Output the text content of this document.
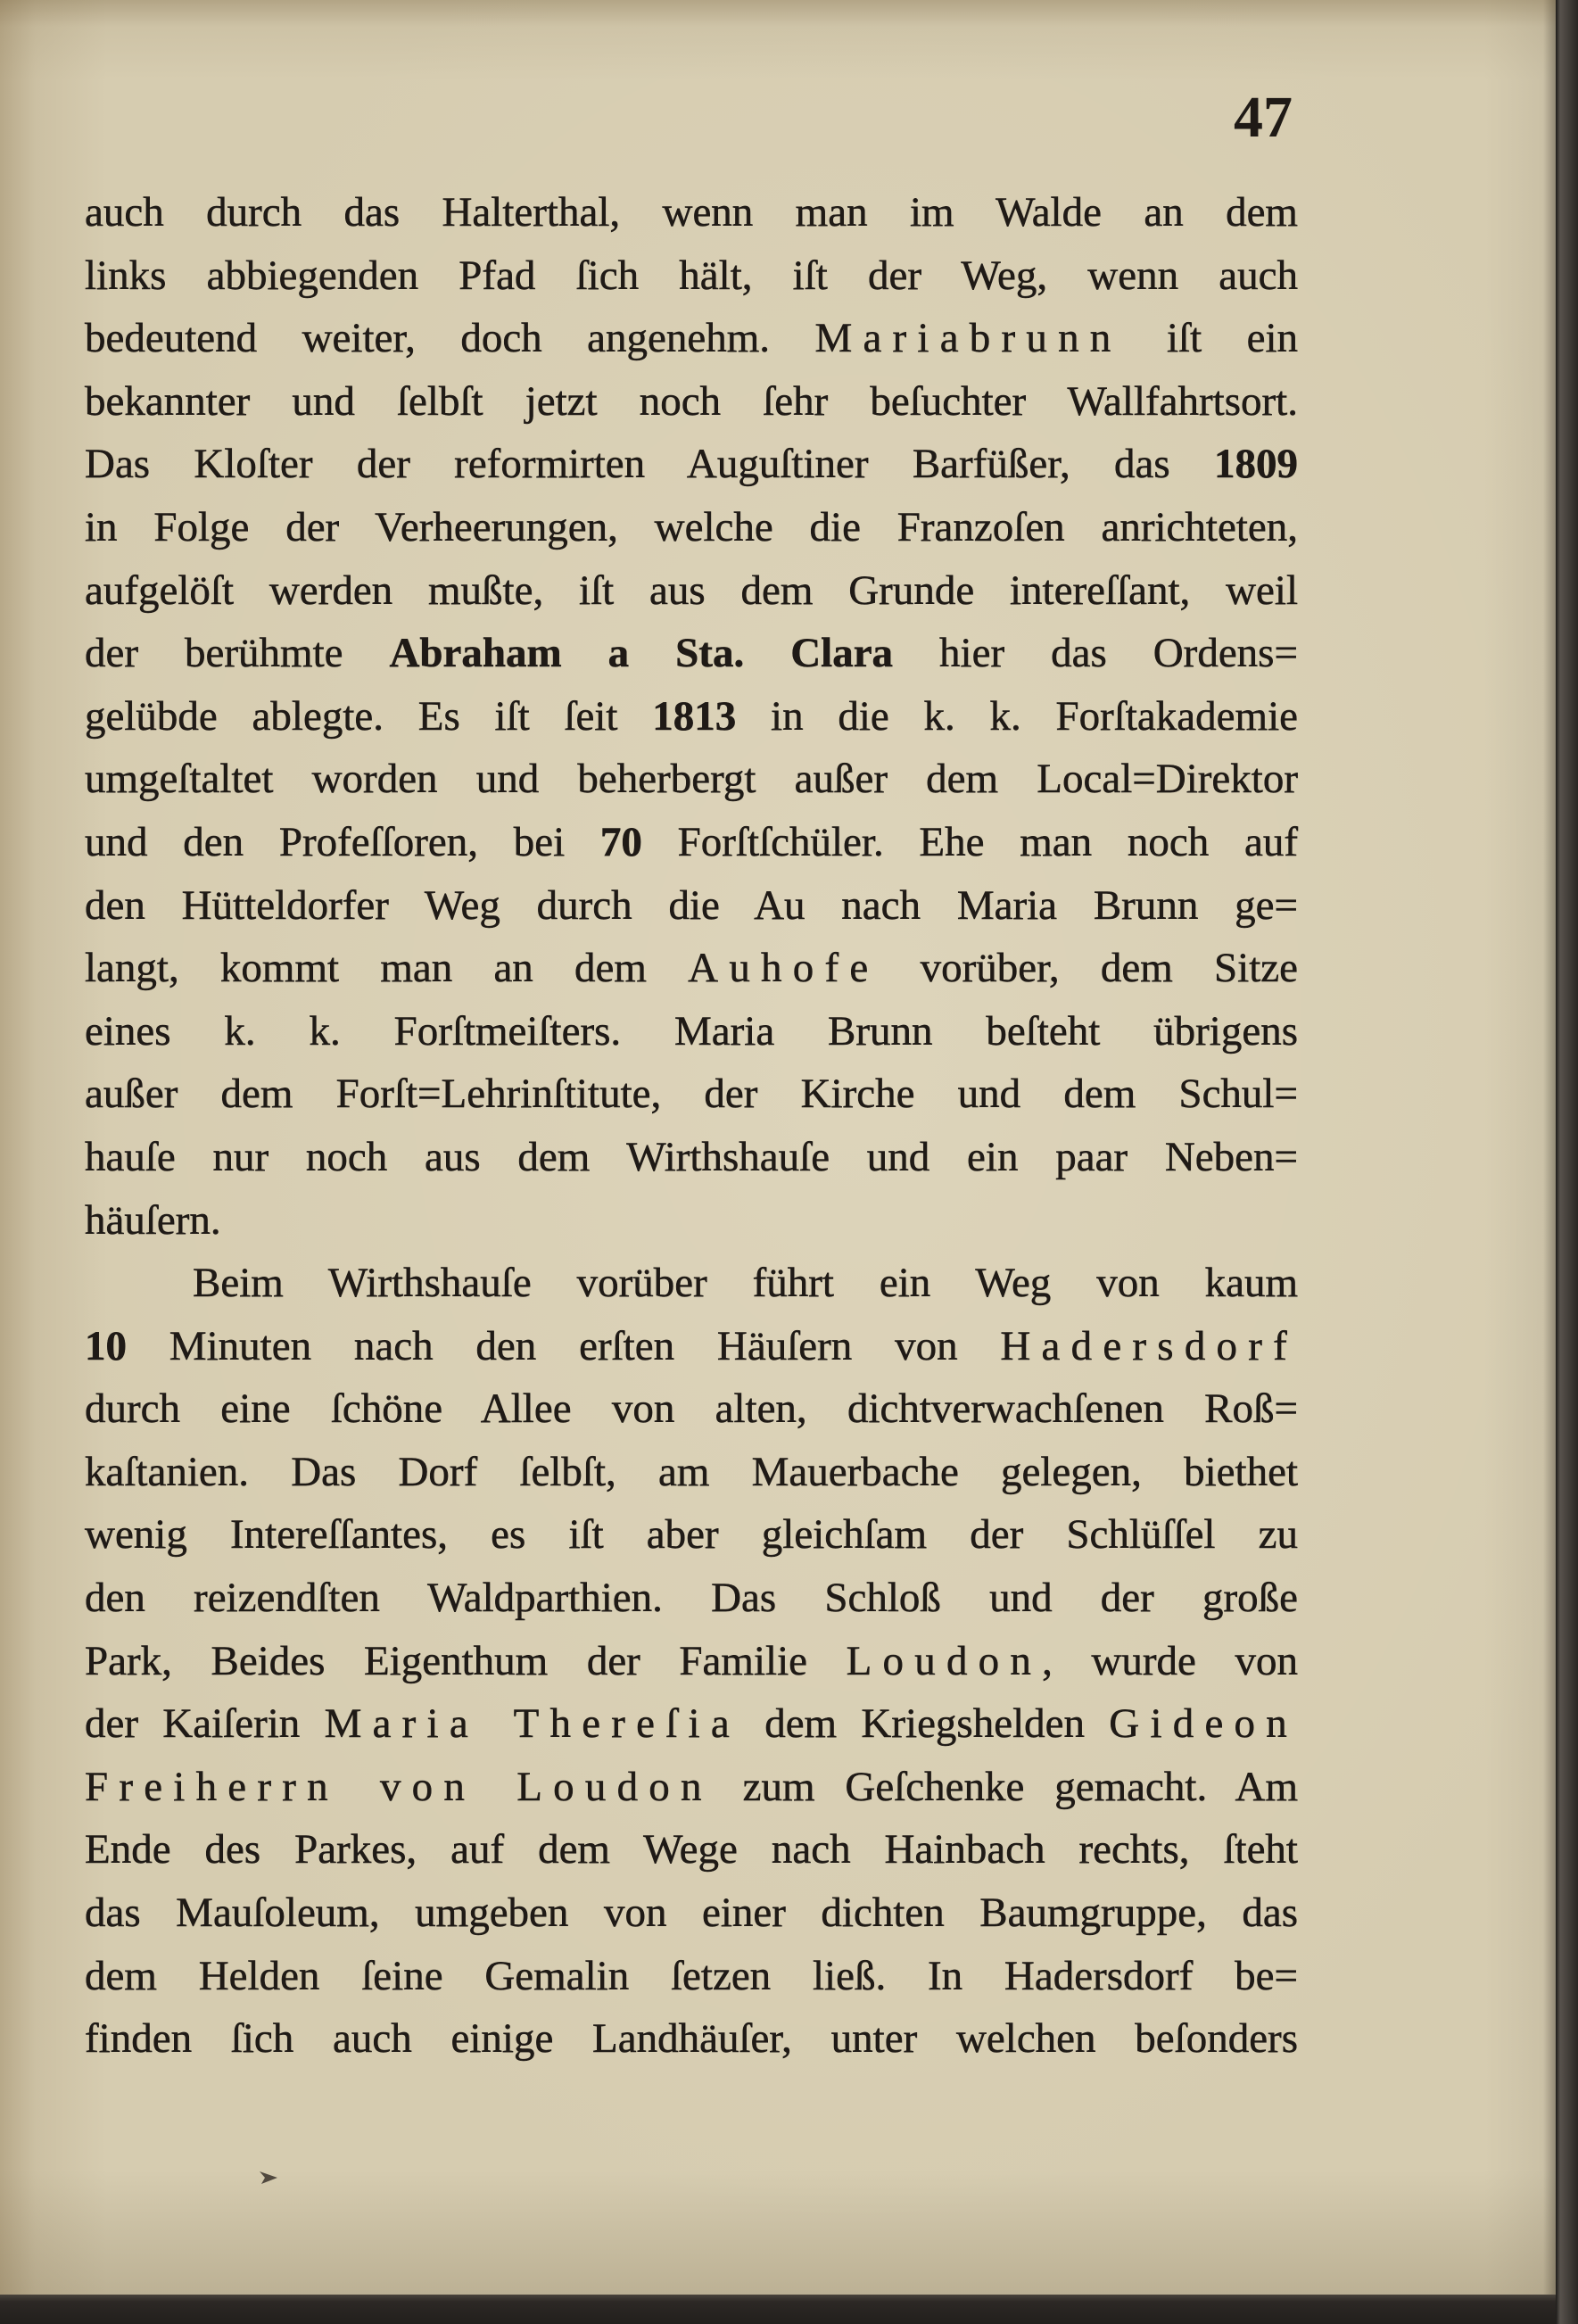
47
auch durch das Halterthal, wenn man im Walde an dem
links abbiegenden Pfad ſich hält, iſt der Weg, wenn auch
bedeutend weiter, doch angenehm. Mariabrunn iſt ein
bekannter und ſelbſt jetzt noch ſehr beſuchter Wallfahrtsort.
Das Kloſter der reformirten Auguſtiner Barfüßer, das 1809
in Folge der Verheerungen, welche die Franzoſen anrichteten,
aufgelöſt werden mußte, iſt aus dem Grunde intereſſant, weil
der berühmte Abraham a Sta. Clara hier das Ordens=
gelübde ablegte. Es iſt ſeit 1813 in die k. k. Forſtakademie
umgeſtaltet worden und beherbergt außer dem Local=Direktor
und den Profeſſoren, bei 70 Forſtſchüler. Ehe man noch auf
den Hütteldorfer Weg durch die Au nach Maria Brunn ge=
langt, kommt man an dem Auhofe vorüber, dem Sitze
eines k. k. Forſtmeiſters. Maria Brunn beſteht übrigens
außer dem Forſt=Lehrinſtitute, der Kirche und dem Schul=
hauſe nur noch aus dem Wirthshauſe und ein paar Neben=
häuſern.
Beim Wirthshauſe vorüber führt ein Weg von kaum
10 Minuten nach den erſten Häuſern von Hadersdorf
durch eine ſchöne Allee von alten, dichtverwachſenen Roß=
kaſtanien. Das Dorf ſelbſt, am Mauerbache gelegen, biethet
wenig Intereſſantes, es iſt aber gleichſam der Schlüſſel zu
den reizendſten Waldparthien. Das Schloß und der große
Park, Beides Eigenthum der Familie Loudon, wurde von
der Kaiſerin Maria Thereſia dem Kriegshelden Gideon
Freiherrn von Loudon zum Geſchenke gemacht. Am
Ende des Parkes, auf dem Wege nach Hainbach rechts, ſteht
das Mauſoleum, umgeben von einer dichten Baumgruppe, das
dem Helden ſeine Gemalin ſetzen ließ. In Hadersdorf be=
finden ſich auch einige Landhäuſer, unter welchen beſonders
